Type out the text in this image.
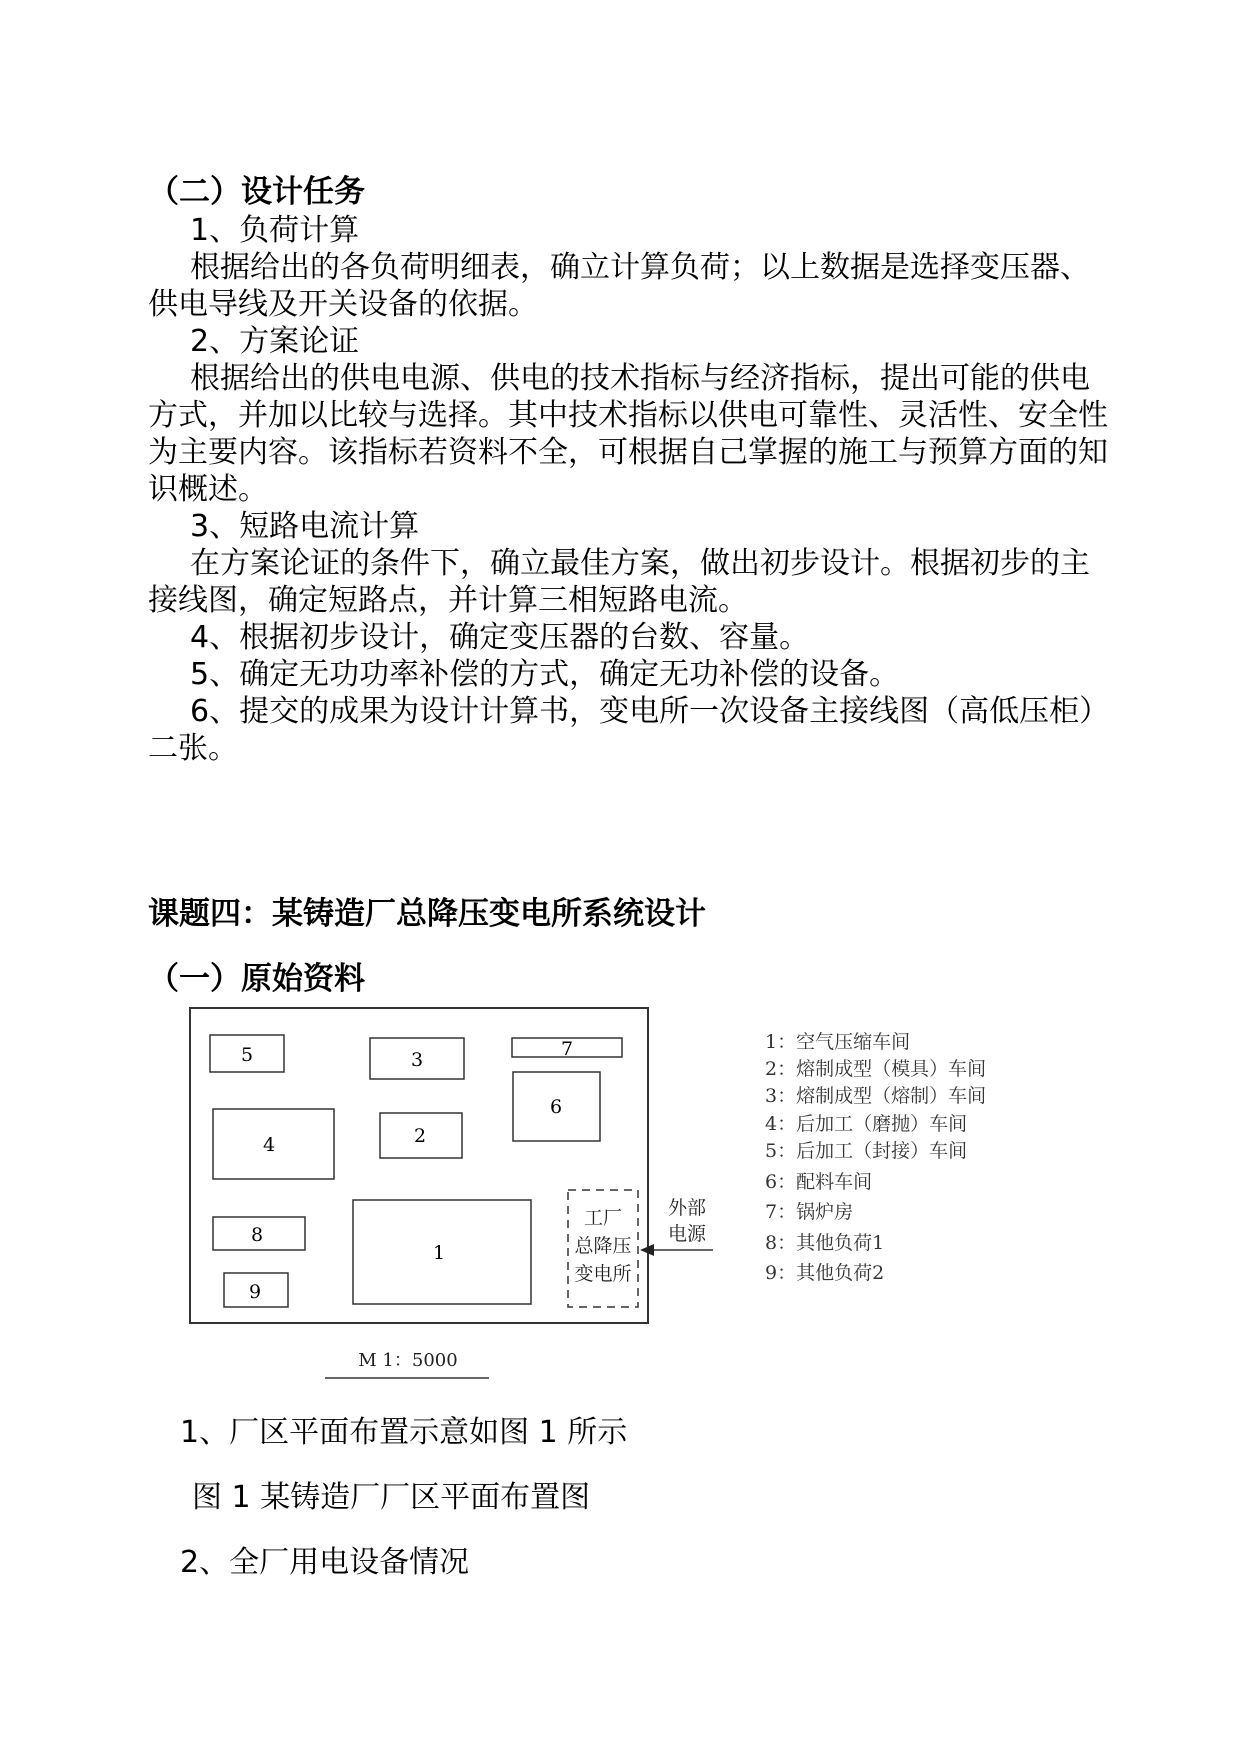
（二）设计任务

1、负荷计算

根据给出的各负荷明细表，确立计算负荷；以上数据是选择变压器、供电导线及开关设备的依据。

2、方案论证

根据给出的供电电源、供电的技术指标与经济指标，提出可能的供电方式，并加以比较与选择。其中技术指标以供电可靠性、灵活性、安全性为主要内容。该指标若资料不全，可根据自己掌握的施工与预算方面的知识概述。

3、短路电流计算

在方案论证的条件下，确立最佳方案，做出初步设计。根据初步的主接线图，确定短路点，并计算三相短路电流。

4、根据初步设计，确定变压器的台数、容量。

5、确定无功功率补偿的方式，确定无功补偿的设备。

6、提交的成果为设计计算书，变电所一次设备主接线图（高低压柜）二张。

课题四：某铸造厂总降压变电所系统设计
（一）原始资料
5	3	7
6
4	2
8
1
9
工厂
总降压
变电所
外部
电源
M 1：5000
1：空气压缩车间
2：熔制成型（模具）车间
3：熔制成型（熔制）车间
4：后加工（磨抛）车间
5：后加工（封接）车间
6：配料车间
7：锅炉房
8：其他负荷1
9：其他负荷2
1、厂区平面布置示意如图 1 所示
图 1 某铸造厂厂区平面布置图
2、全厂用电设备情况
